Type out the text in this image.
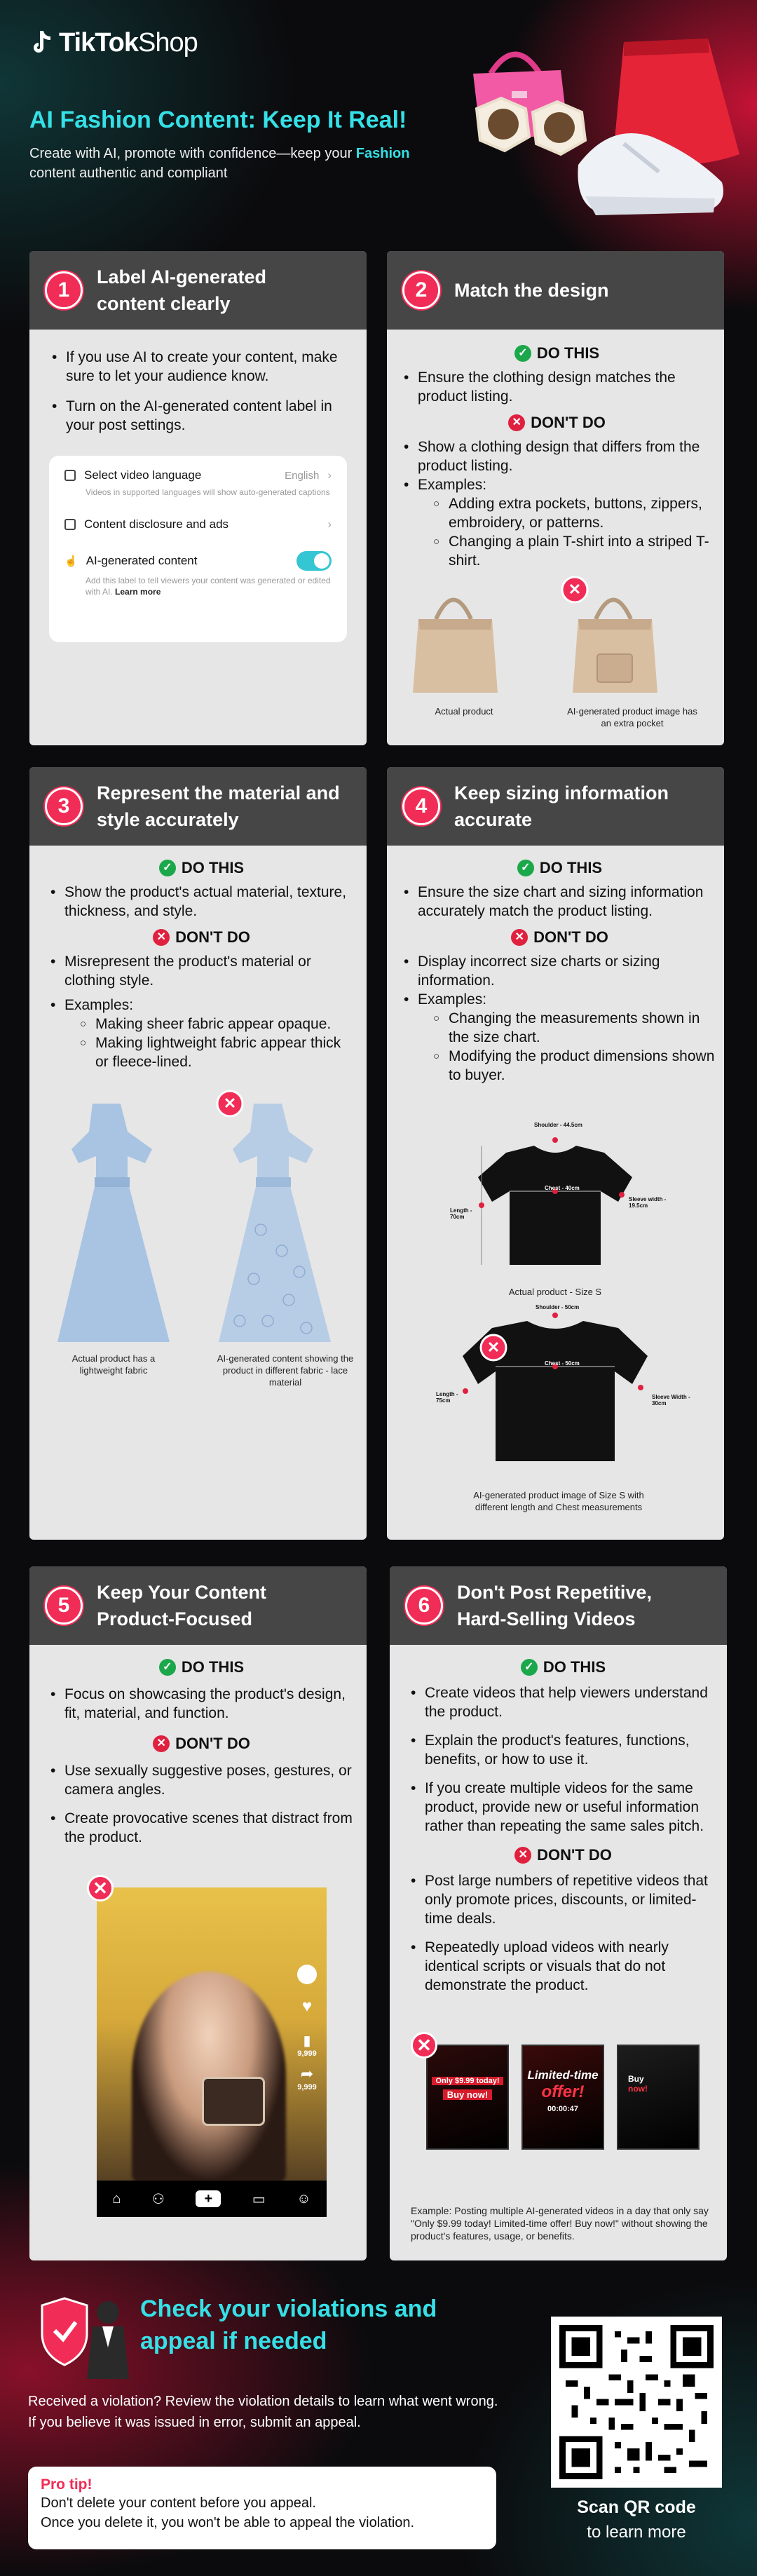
TikTokShop
AI Fashion Content: Keep It Real!
Create with AI, promote with confidence—keep your Fashion content authentic and compliant
1
Label AI-generated content clearly
• If you use AI to create your content, make sure to let your audience know.
• Turn on the AI-generated content label in your post settings.
Select video language	English ›
Videos in supported languages will show auto-generated captions
Content disclosure and ads	›
☝ AI-generated content
Add this label to tell viewers your content was generated or edited with AI. Learn more
2	Match the design
✓ DO THIS
• Ensure the clothing design matches the product listing.
✕ DON'T DO
• Show a clothing design that differs from the product listing.
• Examples:
○ Adding extra pockets, buttons, zippers, embroidery, or patterns.
○ Changing a plain T-shirt into a striped T-shirt.
✕
Actual product	AI-generated product image has an extra pocket
3
Represent the material and style accurately
✓ DO THIS
• Show the product's actual material, texture, thickness, and style.
✕ DON'T DO
• Misrepresent the product's material or clothing style.
• Examples:
○ Making sheer fabric appear opaque.
○ Making lightweight fabric appear thick or fleece-lined.
✕
Actual product has a lightweight fabric
AI-generated content showing the product in different fabric - lace material
4
Keep sizing information accurate
✓ DO THIS
• Ensure the size chart and sizing information accurately match the product listing.
✕ DON'T DO
• Display incorrect size charts or sizing information.
• Examples:
○ Changing the measurements shown in the size chart.
○ Modifying the product dimensions shown to buyer.
✕
Shoulder - 44.5cm
Chest - 40cm
Length - 70cm
Sleeve width - 19.5cm
Actual product - Size S
Shoulder - 50cm
Chest - 50cm
Length - 75cm
Sleeve Width - 30cm
AI-generated product image of Size S with different length and Chest measurements
5
Keep Your Content Product-Focused
✓ DO THIS
• Focus on showcasing the product's design, fit, material, and function.
✕ DON'T DO
• Use sexually suggestive poses, gestures, or camera angles.
• Create provocative scenes that distract from the product.
♥
▮
9,999
➦
9,999
⌂ ⚇	+	▭ ☺
✕
6
Don't Post Repetitive, Hard-Selling Videos
✓ DO THIS
• Create videos that help viewers understand the product.
• Explain the product's features, functions, benefits, or how to use it.
• If you create multiple videos for the same product, provide new or useful information rather than repeating the same sales pitch.
✕ DON'T DO
• Post large numbers of repetitive videos that only promote prices, discounts, or limited-time deals.
• Repeatedly upload videos with nearly identical scripts or visuals that do not demonstrate the product.
Only $9.99 today!
Buy now!
Limited-time
offer!
00:00:47
Buy
now!
✕
Example: Posting multiple AI-generated videos in a day that only say "Only $9.99 today! Limited-time offer! Buy now!" without showing the product's features, usage, or benefits.
Check your violations and
appeal if needed
Received a violation? Review the violation details to learn what went wrong.
If you believe it was issued in error, submit an appeal.
Pro tip!
Don't delete your content before you appeal.
Once you delete it, you won't be able to appeal the violation.
Scan QR code
to learn more
